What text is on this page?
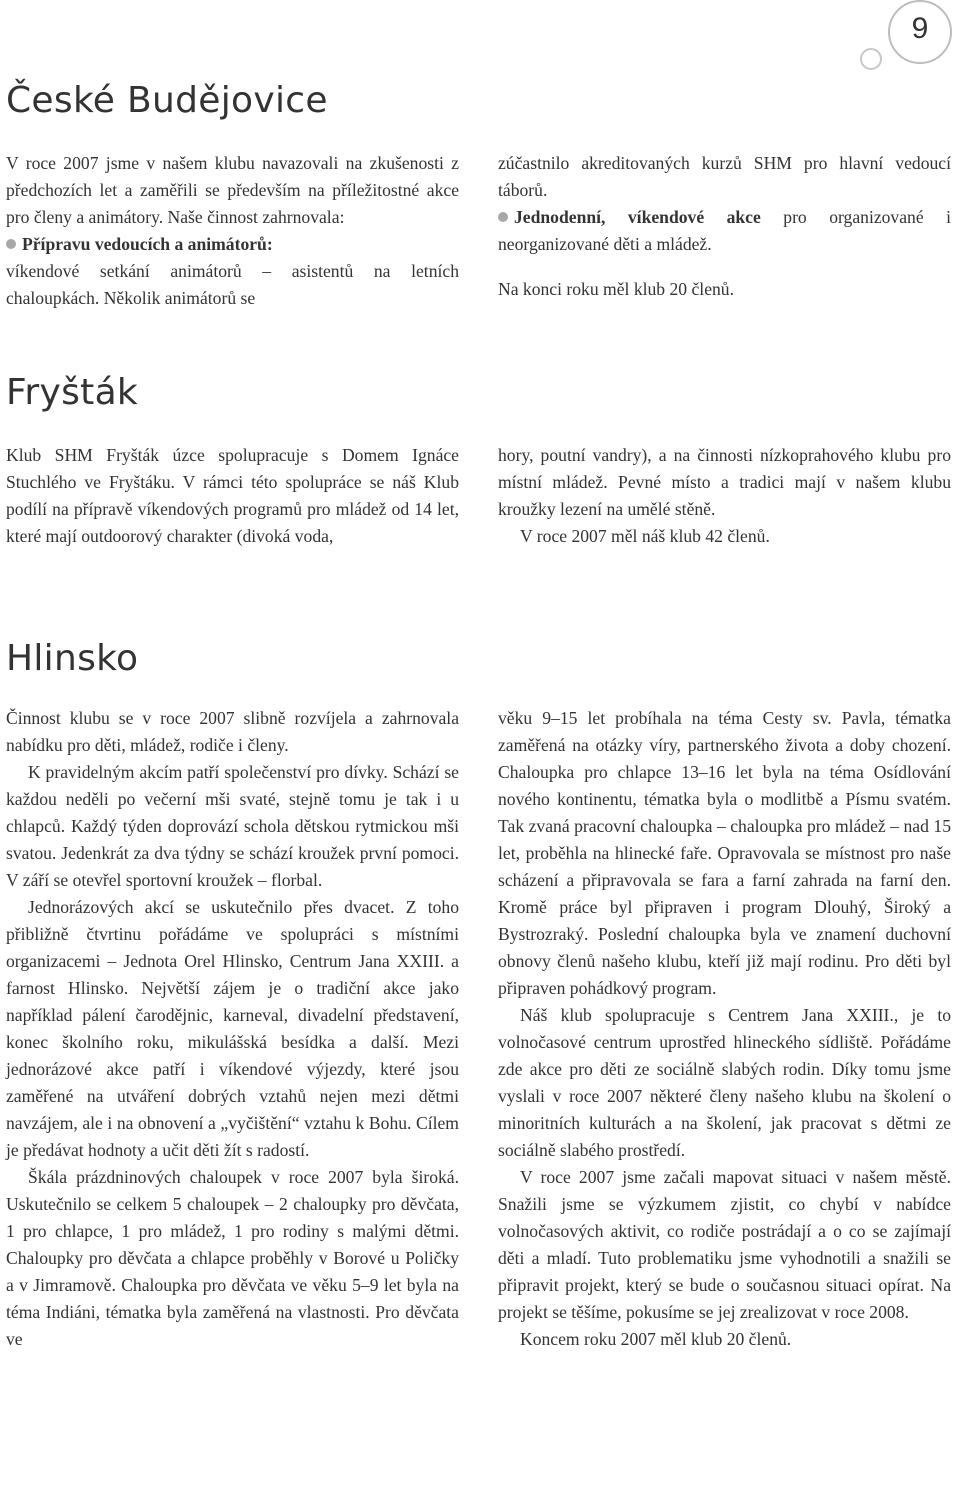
9
České Budějovice

V roce 2007 jsme v našem klubu navazovali na zkušenosti z předchozích let a zaměřili se především na příležitostné akce pro členy a animátory. Naše činnost zahrnovala:

Přípravu vedoucích a animátorů:

víkendové setkání animátorů – asistentů na letních chaloupkách. Několik animátorů se

zúčastnilo akreditovaných kurzů SHM pro hlavní vedoucí táborů.

Jednodenní, víkendové akce pro organizované i neorganizované děti a mládež.

Na konci roku měl klub 20 členů.

Fryšták

Klub SHM Fryšták úzce spolupracuje s Domem Ignáce Stuchlého ve Fryštáku. V rámci této spolupráce se náš Klub podílí na přípravě víkendových programů pro mládež od 14 let, které mají outdoorový charakter (divoká voda,

hory, poutní vandry), a na činnosti nízkoprahového klubu pro místní mládež. Pevné místo a tradici mají v našem klubu kroužky lezení na umělé stěně.

V roce 2007 měl náš klub 42 členů.

Hlinsko

Činnost klubu se v roce 2007 slibně rozvíjela a zahrnovala nabídku pro děti, mládež, rodiče i členy.

K pravidelným akcím patří společenství pro dívky. Schází se každou neděli po večerní mši svaté, stejně tomu je tak i u chlapců. Každý týden doprovází schola dětskou rytmickou mši svatou. Jedenkrát za dva týdny se schází kroužek první pomoci. V září se otevřel sportovní kroužek – florbal.

Jednorázových akcí se uskutečnilo přes dvacet. Z toho přibližně čtvrtinu pořádáme ve spolupráci s místními organizacemi – Jednota Orel Hlinsko, Centrum Jana XXIII. a farnost Hlinsko. Největší zájem je o tradiční akce jako například pálení čarodějnic, karneval, divadelní představení, konec školního roku, mikulášská besídka a další. Mezi jednorázové akce patří i víkendové výjezdy, které jsou zaměřené na utváření dobrých vztahů nejen mezi dětmi navzájem, ale i na obnovení a „vyčištění“ vztahu k Bohu. Cílem je předávat hodnoty a učit děti žít s radostí.

Škála prázdninových chaloupek v roce 2007 byla široká. Uskutečnilo se celkem 5 chaloupek – 2 chaloupky pro děvčata, 1 pro chlapce, 1 pro mládež, 1 pro rodiny s malými dětmi. Chaloupky pro děvčata a chlapce proběhly v Borové u Poličky a v Jimramově. Chaloupka pro děvčata ve věku 5–9 let byla na téma Indiáni, tématka byla zaměřená na vlastnosti. Pro děvčata ve

věku 9–15 let probíhala na téma Cesty sv. Pavla, tématka zaměřená na otázky víry, partnerského života a doby chození. Chaloupka pro chlapce 13–16 let byla na téma Osídlování nového kontinentu, tématka byla o modlitbě a Písmu svatém. Tak zvaná pracovní chaloupka – chaloupka pro mládež – nad 15 let, proběhla na hlinecké faře. Opravovala se místnost pro naše scházení a připravovala se fara a farní zahrada na farní den. Kromě práce byl připraven i program Dlouhý, Široký a Bystrozraký. Poslední chaloupka byla ve znamení duchovní obnovy členů našeho klubu, kteří již mají rodinu. Pro děti byl připraven pohádkový program.

Náš klub spolupracuje s Centrem Jana XXIII., je to volnočasové centrum uprostřed hlineckého sídliště. Pořádáme zde akce pro děti ze sociálně slabých rodin. Díky tomu jsme vyslali v roce 2007 některé členy našeho klubu na školení o minoritních kulturách a na školení, jak pracovat s dětmi ze sociálně slabého prostředí.

V roce 2007 jsme začali mapovat situaci v našem městě. Snažili jsme se výzkumem zjistit, co chybí v nabídce volnočasových aktivit, co rodiče postrádají a o co se zajímají děti a mladí. Tuto problematiku jsme vyhodnotili a snažili se připravit projekt, který se bude o současnou situaci opírat. Na projekt se těšíme, pokusíme se jej zrealizovat v roce 2008.

Koncem roku 2007 měl klub 20 členů.
